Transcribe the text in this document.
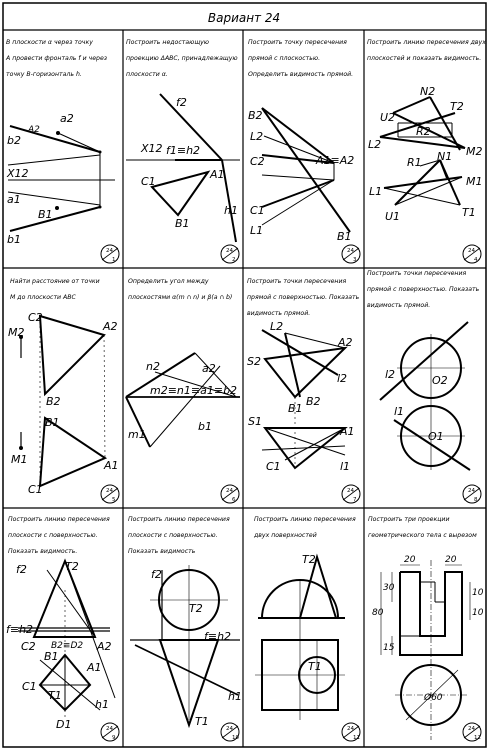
Вариант 24
В плоскости α через точку
А провести фронталь f и через
точку В-горизонталь h.
a2
b2
X12
a1
B1
b1
A2
24
1
Построить недостающую
проекцию ΔАВС, принадлежащую
плоскости α.
f2
X12 f1≡h2
C1
A1
B1
h1
24
2
Построить точку пересечения
прямой с плоскостью.
Определить видимость прямой.
B2
L2
C2	A1≡A2
C1
L1	B1
24
3
Построить линию пересечения двух
плоскостей и показать видимость.
N2
U2
T2
L2
R2
M2
R1 N1
M1
L1
U1	T1
24
4
Найти расстояние от точки
М до плоскости АВС
C2
M2	A2
B2
M1	A1
B1
C1	24
5
Определить угол между
плоскостями α(m ∩ n) и β(a ∩ b)
n2	a2
m2≡n1≡a1≡b2
m1
b1
24
6
Построить точки пересечения
прямой с поверхностью. Показать
видимость прямой.
L2
A2
S2
l2
B1
B2
S1
A1
C1	l1
24
7
Построить точки пересечения
прямой с поверхностью. Показать
видимость прямой.
l2	O2
l1
O1
24
8
Построить линию пересечения
плоскости с поверхностью.
Показать видимость.
f2	T2
f≡h2
C2 B2≡D2 A2
B1
A1
C1
T1
D1
h1
24
9
Построить линию пересечения
плоскости с поверхностью.
Показать видимость
f2
T2
f≡h2
h1
T1
24
10
Построить линию пересечения
двух поверхностей
T2
T1
24
11
Построить три проекции
геометрического тела с вырезом
20	20
30	10
10
80
15
Ø60
24
12
